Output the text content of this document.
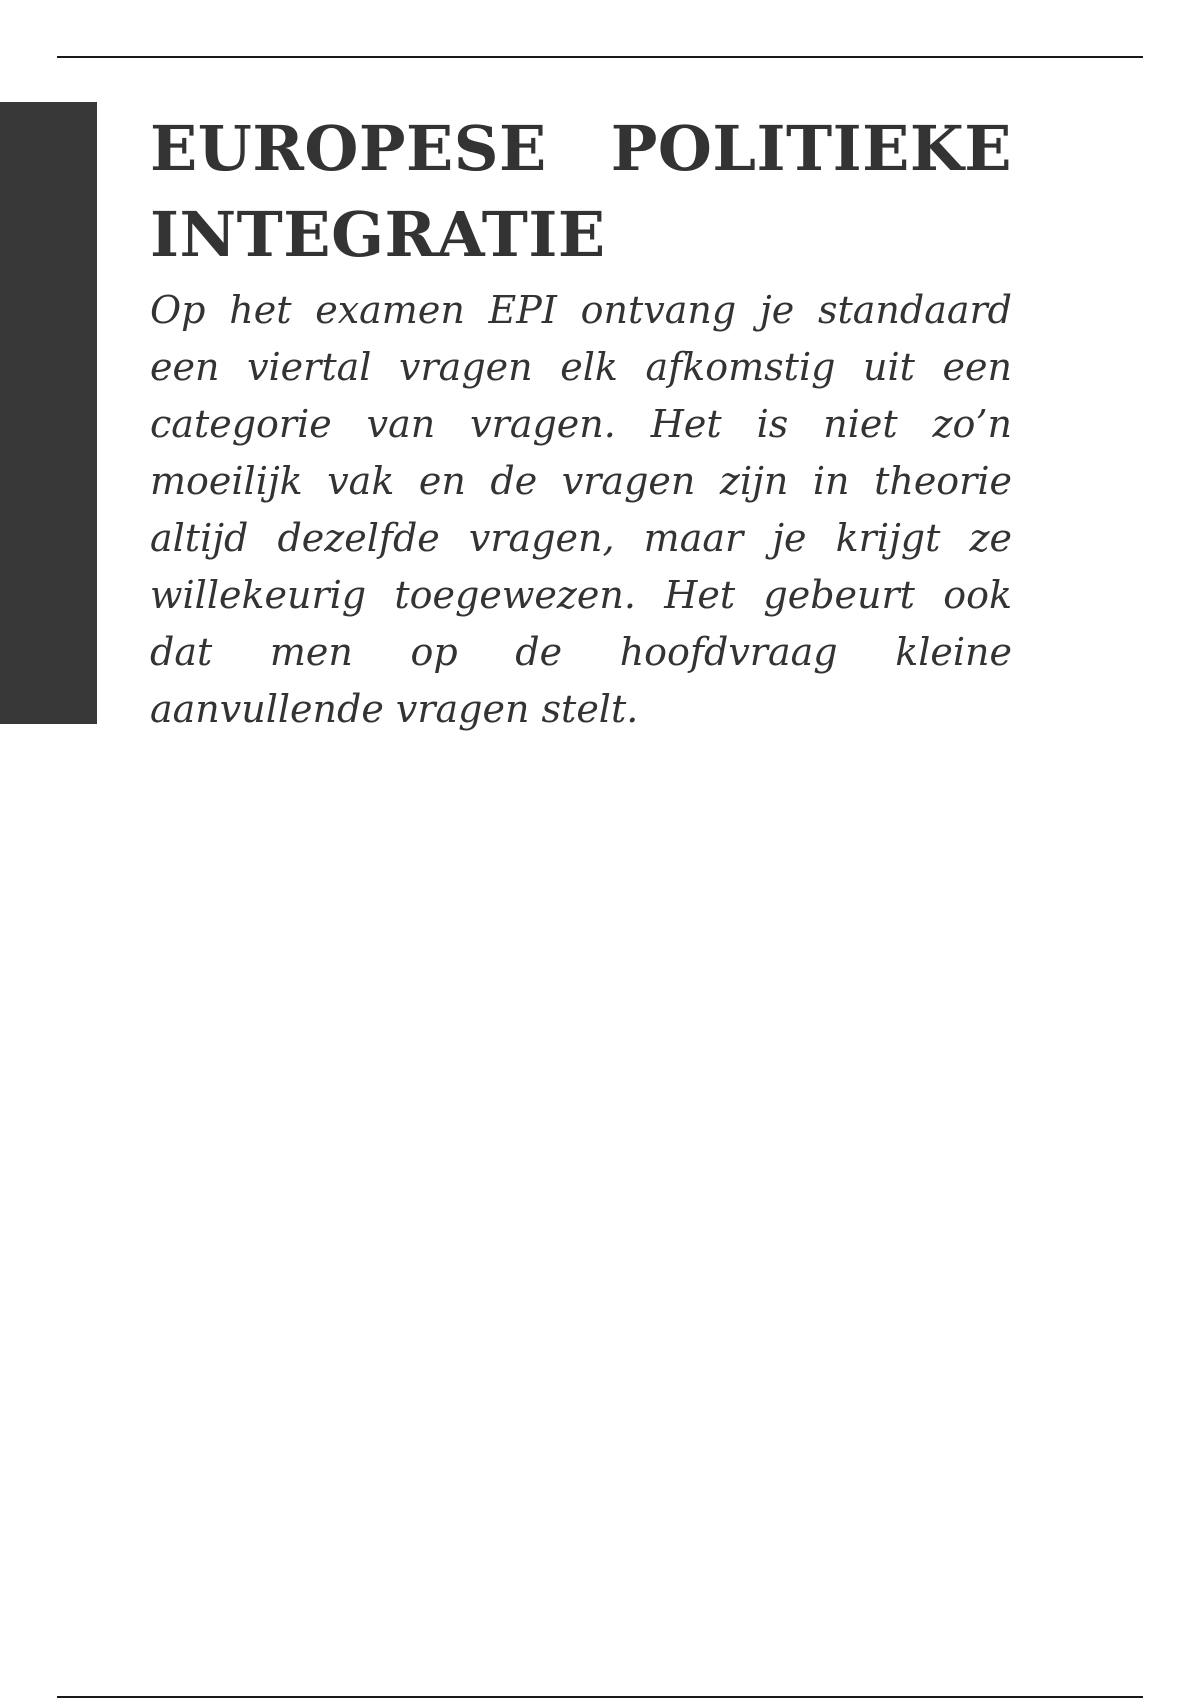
EUROPESE POLITIEKE INTEGRATIE

Op het examen EPI ontvang je standaard een viertal vragen elk afkomstig uit een categorie van vragen. Het is niet zo’n moeilijk vak en de vragen zijn in theorie altijd dezelfde vragen, maar je krijgt ze willekeurig toegewezen. Het gebeurt ook dat men op de hoofdvraag kleine aanvullende vragen stelt.
